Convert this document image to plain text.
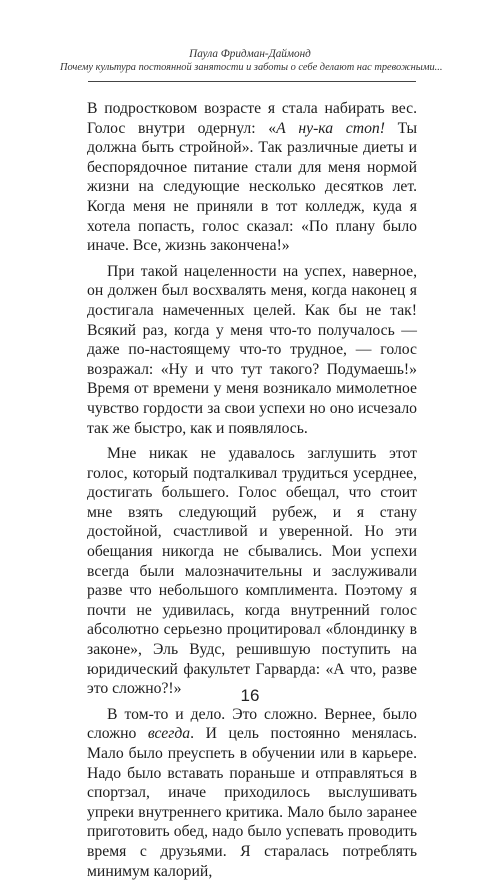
Паула Фридман-Даймонд
Почему культура постоянной занятости и заботы о себе делают нас тревожными...

В подростковом возрасте я стала набирать вес. Голос внутри одернул: «А ну-ка стоп! Ты должна быть стройной». Так различные диеты и беспорядочное питание стали для меня нормой жизни на следующие несколько десятков лет. Когда меня не приняли в тот колледж, куда я хотела попасть, голос сказал: «По плану было иначе. Все, жизнь закончена!»

При такой нацеленности на успех, наверное, он должен был восхвалять меня, когда наконец я достигала намеченных целей. Как бы не так! Всякий раз, когда у меня что-то получалось — даже по-настоящему что-то трудное, — голос возражал: «Ну и что тут такого? Подумаешь!» Время от времени у меня возникало мимолетное чувство гордости за свои успехи но оно исчезало так же быстро, как и появлялось.

Мне никак не удавалось заглушить этот голос, который подталкивал трудиться усерднее, достигать большего. Голос обещал, что стоит мне взять следующий рубеж, и я стану достойной, счастливой и уверенной. Но эти обещания никогда не сбывались. Мои успехи всегда были малозначительны и заслуживали разве что небольшого комплимента. Поэтому я почти не удивилась, когда внутренний голос абсолютно серьезно процитировал «блондинку в законе», Эль Вудс, решившую поступить на юридический факультет Гарварда: «А что, разве это сложно?!»

В том-то и дело. Это сложно. Вернее, было сложно всегда. И цель постоянно менялась. Мало было преуспеть в обучении или в карьере. Надо было вставать пораньше и отправляться в спортзал, иначе приходилось выслушивать упреки внутреннего критика. Мало было заранее приготовить обед, надо было успевать проводить время с друзьями. Я старалась потреблять минимум калорий,

16
